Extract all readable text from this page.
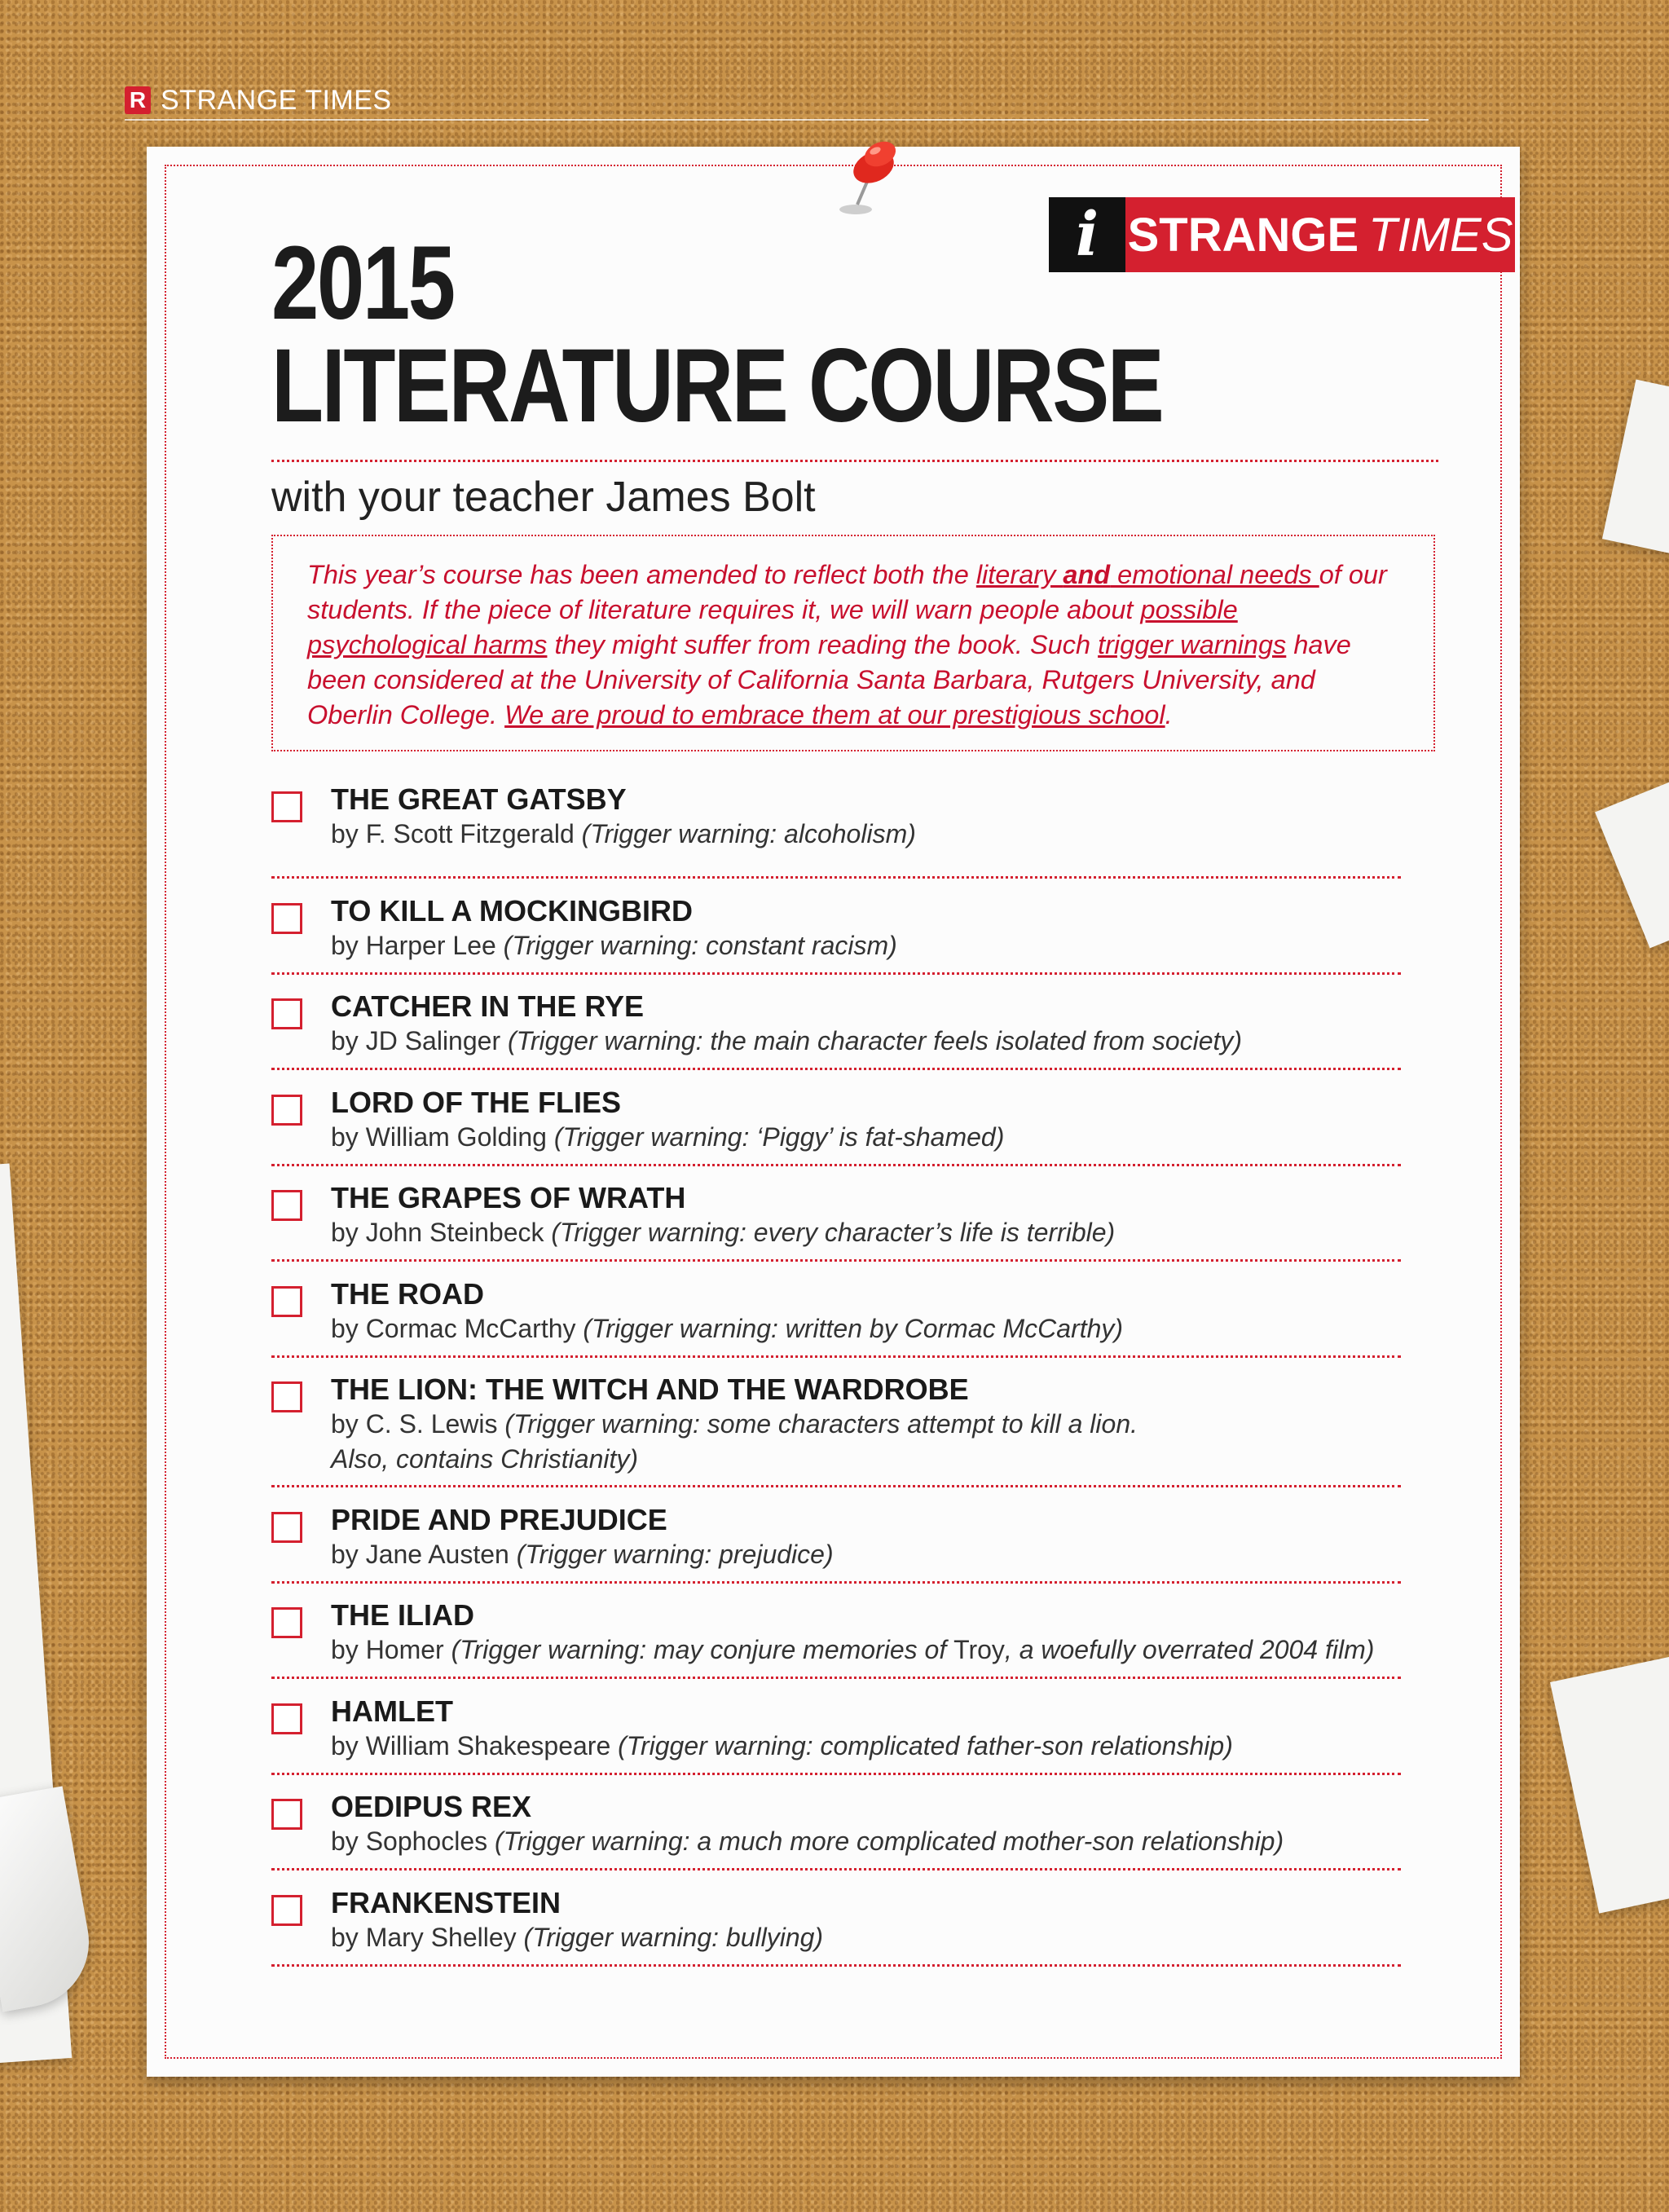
R STRANGE TIMES
i STRANGE TIMES
2015
LITERATURE COURSE
with your teacher James Bolt
This year’s course has been amended to reflect both the literary and emotional needs of our students. If the piece of literature requires it, we will warn people about possible psychological harms they might suffer from reading the book. Such trigger warnings have been considered at the University of California Santa Barbara, Rutgers University, and Oberlin College. We are proud to embrace them at our prestigious school.
THE GREAT GATSBY
by F. Scott Fitzgerald (Trigger warning: alcoholism)
TO KILL A MOCKINGBIRD
by Harper Lee (Trigger warning: constant racism)
CATCHER IN THE RYE
by JD Salinger (Trigger warning: the main character feels isolated from society)
LORD OF THE FLIES
by William Golding (Trigger warning: ‘Piggy’ is fat-shamed)
THE GRAPES OF WRATH
by John Steinbeck (Trigger warning: every character’s life is terrible)
THE ROAD
by Cormac McCarthy (Trigger warning: written by Cormac McCarthy)
THE LION: THE WITCH AND THE WARDROBE
by C. S. Lewis (Trigger warning: some characters attempt to kill a lion. Also, contains Christianity)
PRIDE AND PREJUDICE
by Jane Austen (Trigger warning: prejudice)
THE ILIAD
by Homer (Trigger warning: may conjure memories of Troy, a woefully overrated 2004 film)
HAMLET
by William Shakespeare (Trigger warning: complicated father-son relationship)
OEDIPUS REX
by Sophocles (Trigger warning: a much more complicated mother-son relationship)
FRANKENSTEIN
by Mary Shelley (Trigger warning: bullying)
